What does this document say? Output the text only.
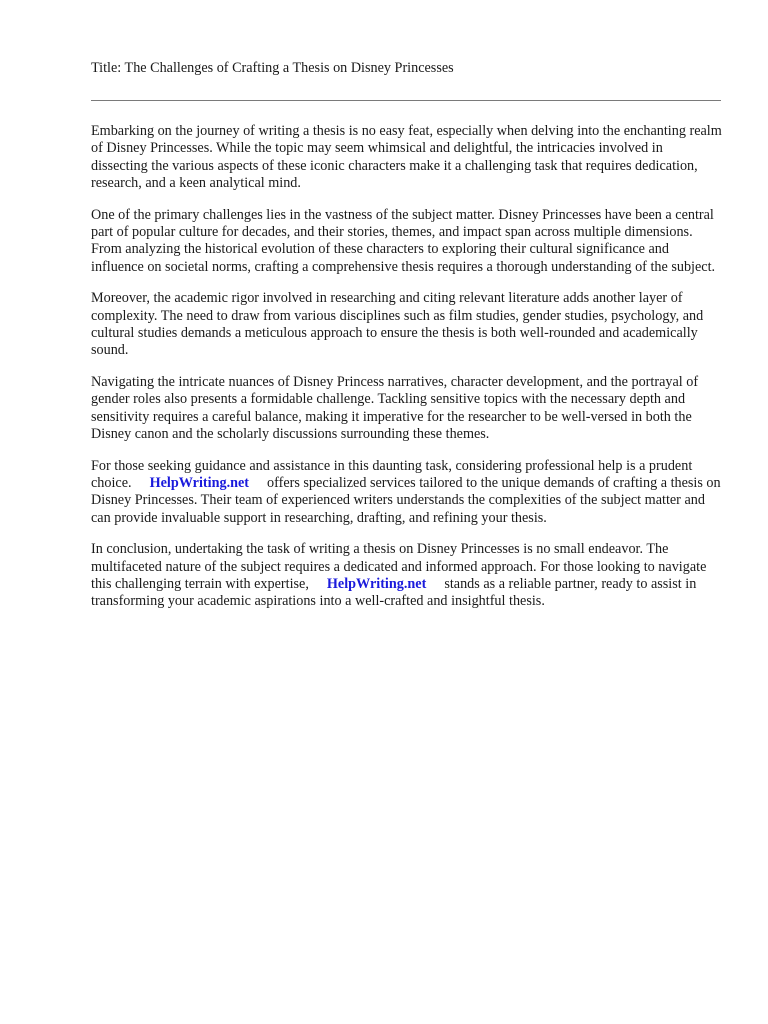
Title: The Challenges of Crafting a Thesis on Disney Princesses

Embarking on the journey of writing a thesis is no easy feat, especially when delving into the enchanting realm of Disney Princesses. While the topic may seem whimsical and delightful, the intricacies involved in dissecting the various aspects of these iconic characters make it a challenging task that requires dedication, research, and a keen analytical mind.

One of the primary challenges lies in the vastness of the subject matter. Disney Princesses have been a central part of popular culture for decades, and their stories, themes, and impact span across multiple dimensions. From analyzing the historical evolution of these characters to exploring their cultural significance and influence on societal norms, crafting a comprehensive thesis requires a thorough understanding of the subject.

Moreover, the academic rigor involved in researching and citing relevant literature adds another layer of complexity. The need to draw from various disciplines such as film studies, gender studies, psychology, and cultural studies demands a meticulous approach to ensure the thesis is both well-rounded and academically sound.

Navigating the intricate nuances of Disney Princess narratives, character development, and the portrayal of gender roles also presents a formidable challenge. Tackling sensitive topics with the necessary depth and sensitivity requires a careful balance, making it imperative for the researcher to be well-versed in both the Disney canon and the scholarly discussions surrounding these themes.

For those seeking guidance and assistance in this daunting task, considering professional help is a prudent choice. HelpWriting.net offers specialized services tailored to the unique demands of crafting a thesis on Disney Princesses. Their team of experienced writers understands the complexities of the subject matter and can provide invaluable support in researching, drafting, and refining your thesis.

In conclusion, undertaking the task of writing a thesis on Disney Princesses is no small endeavor. The multifaceted nature of the subject requires a dedicated and informed approach. For those looking to navigate this challenging terrain with expertise, HelpWriting.net stands as a reliable partner, ready to assist in transforming your academic aspirations into a well-crafted and insightful thesis.
